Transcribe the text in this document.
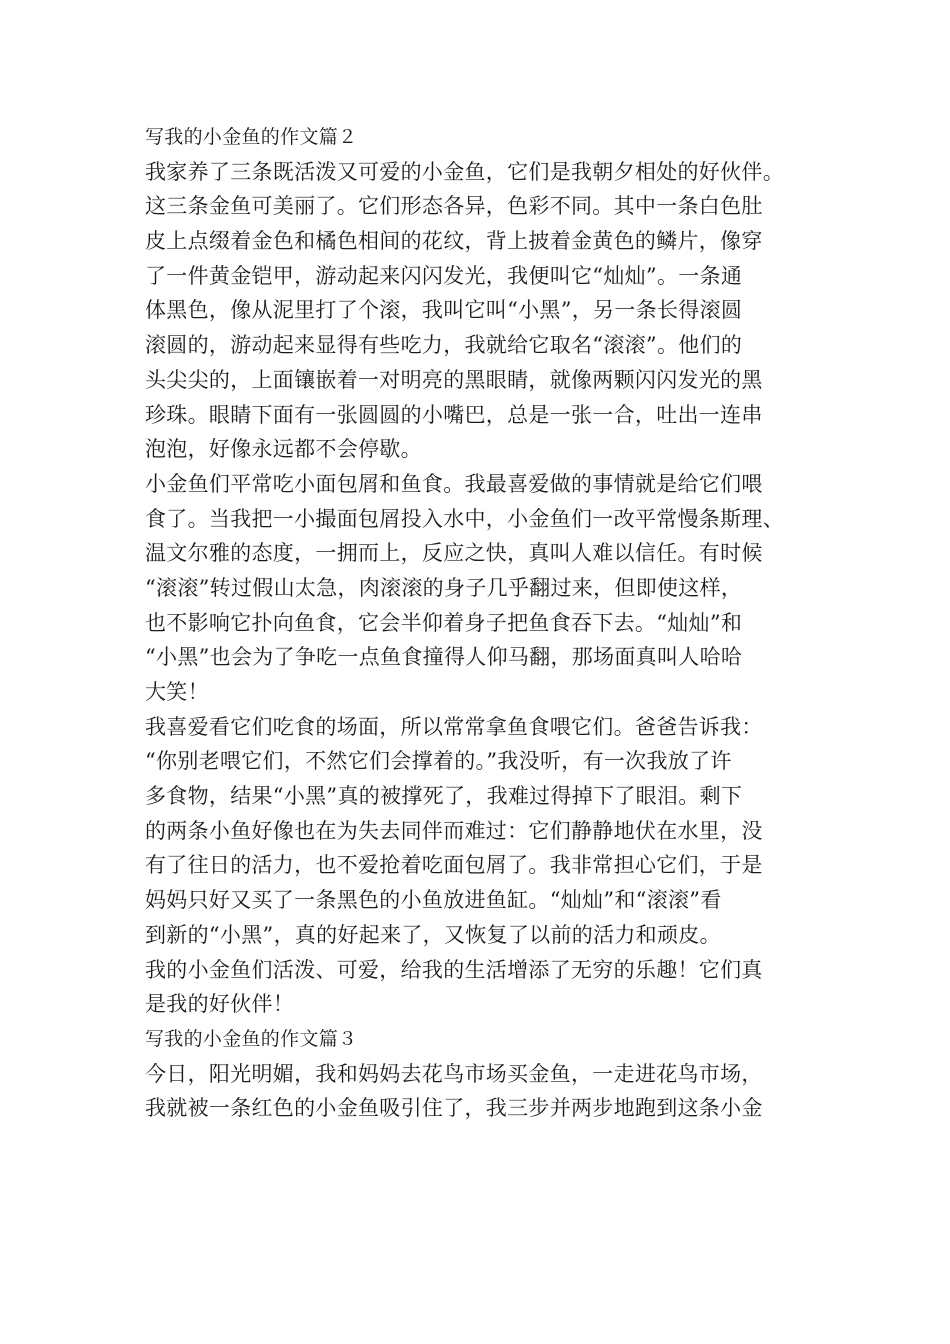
写我的小金鱼的作文篇２
我家养了三条既活泼又可爱的小金鱼，它们是我朝夕相处的好伙伴。
这三条金鱼可美丽了。它们形态各异，色彩不同。其中一条白色肚
皮上点缀着金色和橘色相间的花纹，背上披着金黄色的鳞片，像穿
了一件黄金铠甲，游动起来闪闪发光，我便叫它“灿灿”。一条通
体黑色，像从泥里打了个滚，我叫它叫“小黑”，另一条长得滚圆
滚圆的，游动起来显得有些吃力，我就给它取名“滚滚”。他们的
头尖尖的，上面镶嵌着一对明亮的黑眼睛，就像两颗闪闪发光的黑
珍珠。眼睛下面有一张圆圆的小嘴巴，总是一张一合，吐出一连串
泡泡，好像永远都不会停歇。
小金鱼们平常吃小面包屑和鱼食。我最喜爱做的事情就是给它们喂
食了。当我把一小撮面包屑投入水中，小金鱼们一改平常慢条斯理、
温文尔雅的态度，一拥而上，反应之快，真叫人难以信任。有时候
“滚滚”转过假山太急，肉滚滚的身子几乎翻过来，但即使这样，
也不影响它扑向鱼食，它会半仰着身子把鱼食吞下去。“灿灿”和
“小黑”也会为了争吃一点鱼食撞得人仰马翻，那场面真叫人哈哈
大笑！
我喜爱看它们吃食的场面，所以常常拿鱼食喂它们。爸爸告诉我：
“你别老喂它们，不然它们会撑着的。”我没听，有一次我放了许
多食物，结果“小黑”真的被撑死了，我难过得掉下了眼泪。剩下
的两条小鱼好像也在为失去同伴而难过：它们静静地伏在水里，没
有了往日的活力，也不爱抢着吃面包屑了。我非常担心它们，于是
妈妈只好又买了一条黑色的小鱼放进鱼缸。“灿灿”和“滚滚”看
到新的“小黑”，真的好起来了，又恢复了以前的活力和顽皮。
我的小金鱼们活泼、可爱，给我的生活增添了无穷的乐趣！它们真
是我的好伙伴！
写我的小金鱼的作文篇３
今日，阳光明媚，我和妈妈去花鸟市场买金鱼，一走进花鸟市场，
我就被一条红色的小金鱼吸引住了，我三步并两步地跑到这条小金
